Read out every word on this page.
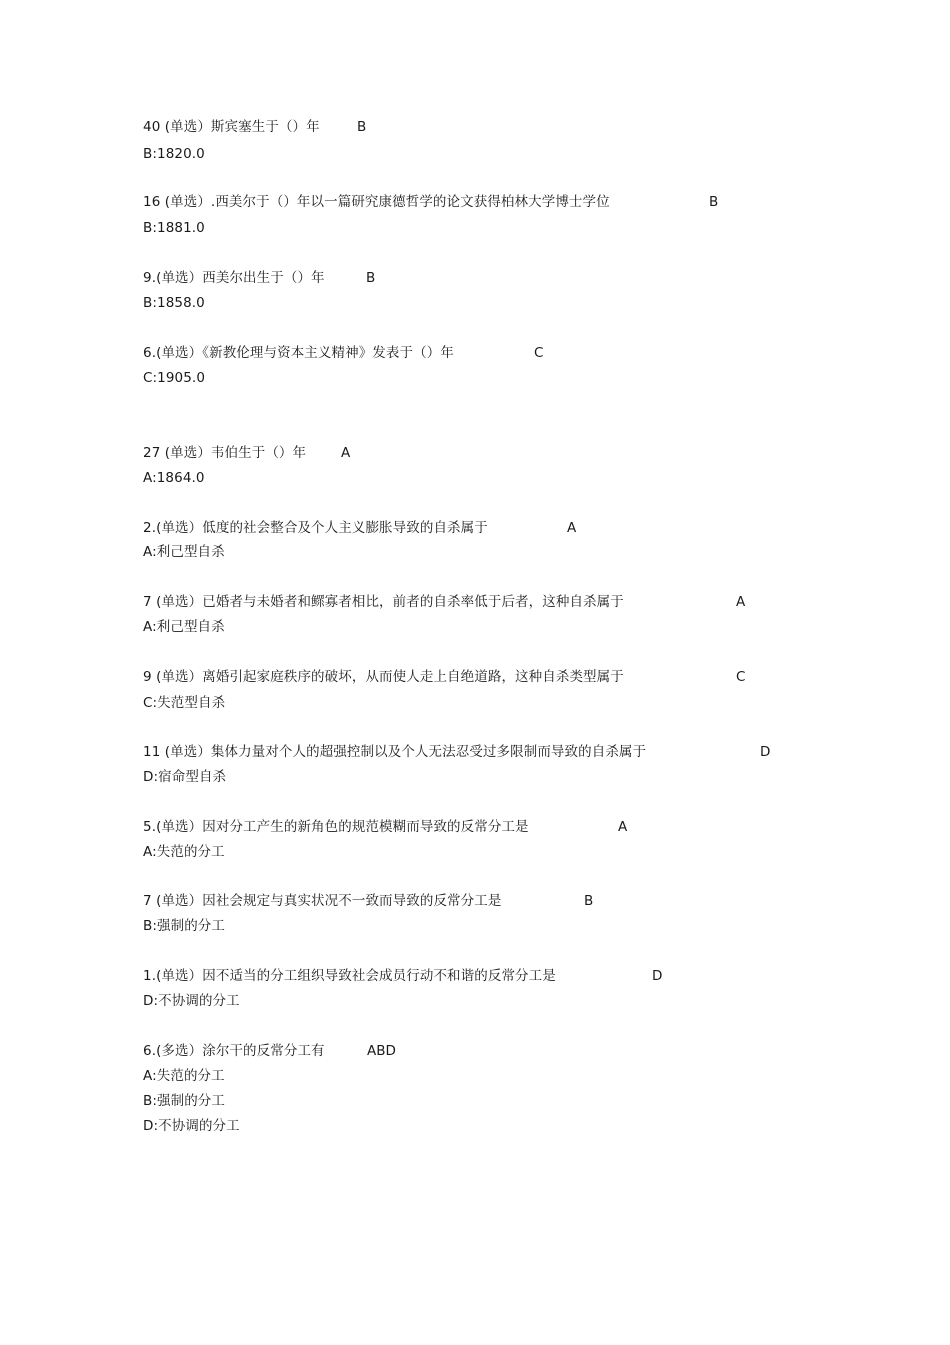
40 (单选）斯宾塞生于（）年	B
B:1820.0
16 (单选）.西美尔于（）年以一篇研究康德哲学的论文获得柏林大学博士学位	B
B:1881.0
9.(单选）西美尔出生于（）年	B
B:1858.0
6.(单选）《新教伦理与资本主义精神》发表于（）年	C
C:1905.0
27 (单选）韦伯生于（）年	A
A:1864.0
2.(单选）低度的社会整合及个人主义膨胀导致的自杀属于	A
A:利己型自杀
7 (单选）已婚者与未婚者和鳏寡者相比，前者的自杀率低于后者，这种自杀属于	A
A:利己型自杀
9 (单选）离婚引起家庭秩序的破坏，从而使人走上自绝道路，这种自杀类型属于	C
C:失范型自杀
11 (单选）集体力量对个人的超强控制以及个人无法忍受过多限制而导致的自杀属于	D
D:宿命型自杀
5.(单选）因对分工产生的新角色的规范模糊而导致的反常分工是	A
A:失范的分工
7 (单选）因社会规定与真实状况不一致而导致的反常分工是	B
B:强制的分工
1.(单选）因不适当的分工组织导致社会成员行动不和谐的反常分工是	D
D:不协调的分工
6.(多选）涂尔干的反常分工有	ABD
A:失范的分工
B:强制的分工
D:不协调的分工
